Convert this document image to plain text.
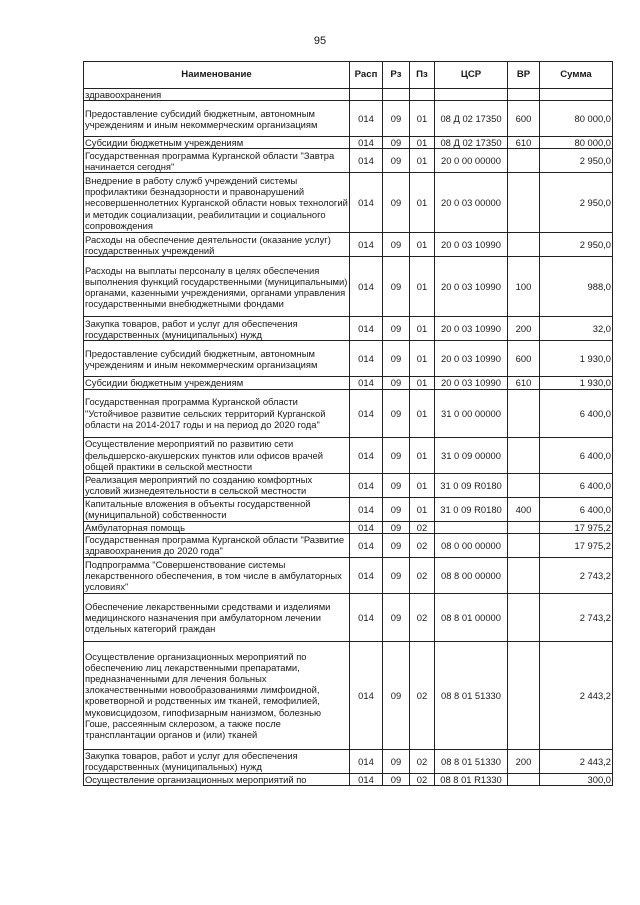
95
Наименование	Расп	Рз	Пз	ЦСР	ВР	Сумма
здравоохранения						
Предоставление субсидий бюджетным, автономным учреждениям и иным некоммерческим организациям	014	09	01	08 Д 02 17350	600	80 000,0
Субсидии бюджетным учреждениям	014	09	01	08 Д 02 17350	610	80 000,0
Государственная программа Курганской области "Завтра начинается сегодня"	014	09	01	20 0 00 00000		2 950,0
Внедрение в работу служб учреждений системы профилактики безнадзорности и правонарушений несовершеннолетних Курганской области новых технологий и методик социализации, реабилитации и социального сопровождения	014	09	01	20 0 03 00000		2 950,0
Расходы на обеспечение деятельности (оказание услуг) государственных учреждений	014	09	01	20 0 03 10990		2 950,0
Расходы на выплаты персоналу в целях обеспечения выполнения функций государственными (муниципальными) органами, казенными учреждениями, органами управления государственными внебюджетными фондами	014	09	01	20 0 03 10990	100	988,0
Закупка товаров, работ и услуг для обеспечения государственных (муниципальных) нужд	014	09	01	20 0 03 10990	200	32,0
Предоставление субсидий бюджетным, автономным учреждениям и иным некоммерческим организациям	014	09	01	20 0 03 10990	600	1 930,0
Субсидии бюджетным учреждениям	014	09	01	20 0 03 10990	610	1 930,0
Государственная программа Курганской области "Устойчивое развитие сельских территорий Курганской области на 2014-2017 годы и на период до 2020 года"	014	09	01	31 0 00 00000		6 400,0
Осуществление мероприятий по развитию сети фельдшерско-акушерских пунктов или офисов врачей общей практики в сельской местности	014	09	01	31 0 09 00000		6 400,0
Реализация мероприятий по созданию комфортных условий жизнедеятельности в сельской местности	014	09	01	31 0 09 R0180		6 400,0
Капитальные вложения в объекты государственной (муниципальной) собственности	014	09	01	31 0 09 R0180	400	6 400,0
Амбулаторная помощь	014	09	02			17 975,2
Государственная программа Курганской области "Развитие здравоохранения до 2020 года"	014	09	02	08 0 00 00000		17 975,2
Подпрограмма "Совершенствование системы лекарственного обеспечения, в том числе в амбулаторных условиях"	014	09	02	08 8 00 00000		2 743,2
Обеспечение лекарственными средствами и изделиями медицинского назначения при амбулаторном лечении отдельных категорий граждан	014	09	02	08 8 01 00000		2 743,2
Осуществление организационных мероприятий по обеспечению лиц лекарственными препаратами, предназначенными для лечения больных злокачественными новообразованиями лимфоидной, кроветворной и родственных им тканей, гемофилией, муковисцидозом, гипофизарным нанизмом, болезнью Гоше, рассеянным склерозом, а также после трансплантации органов и (или) тканей	014	09	02	08 8 01 51330		2 443,2
Закупка товаров, работ и услуг для обеспечения государственных (муниципальных) нужд	014	09	02	08 8 01 51330	200	2 443,2
Осуществление организационных мероприятий по	014	09	02	08 8 01 R1330		300,0
